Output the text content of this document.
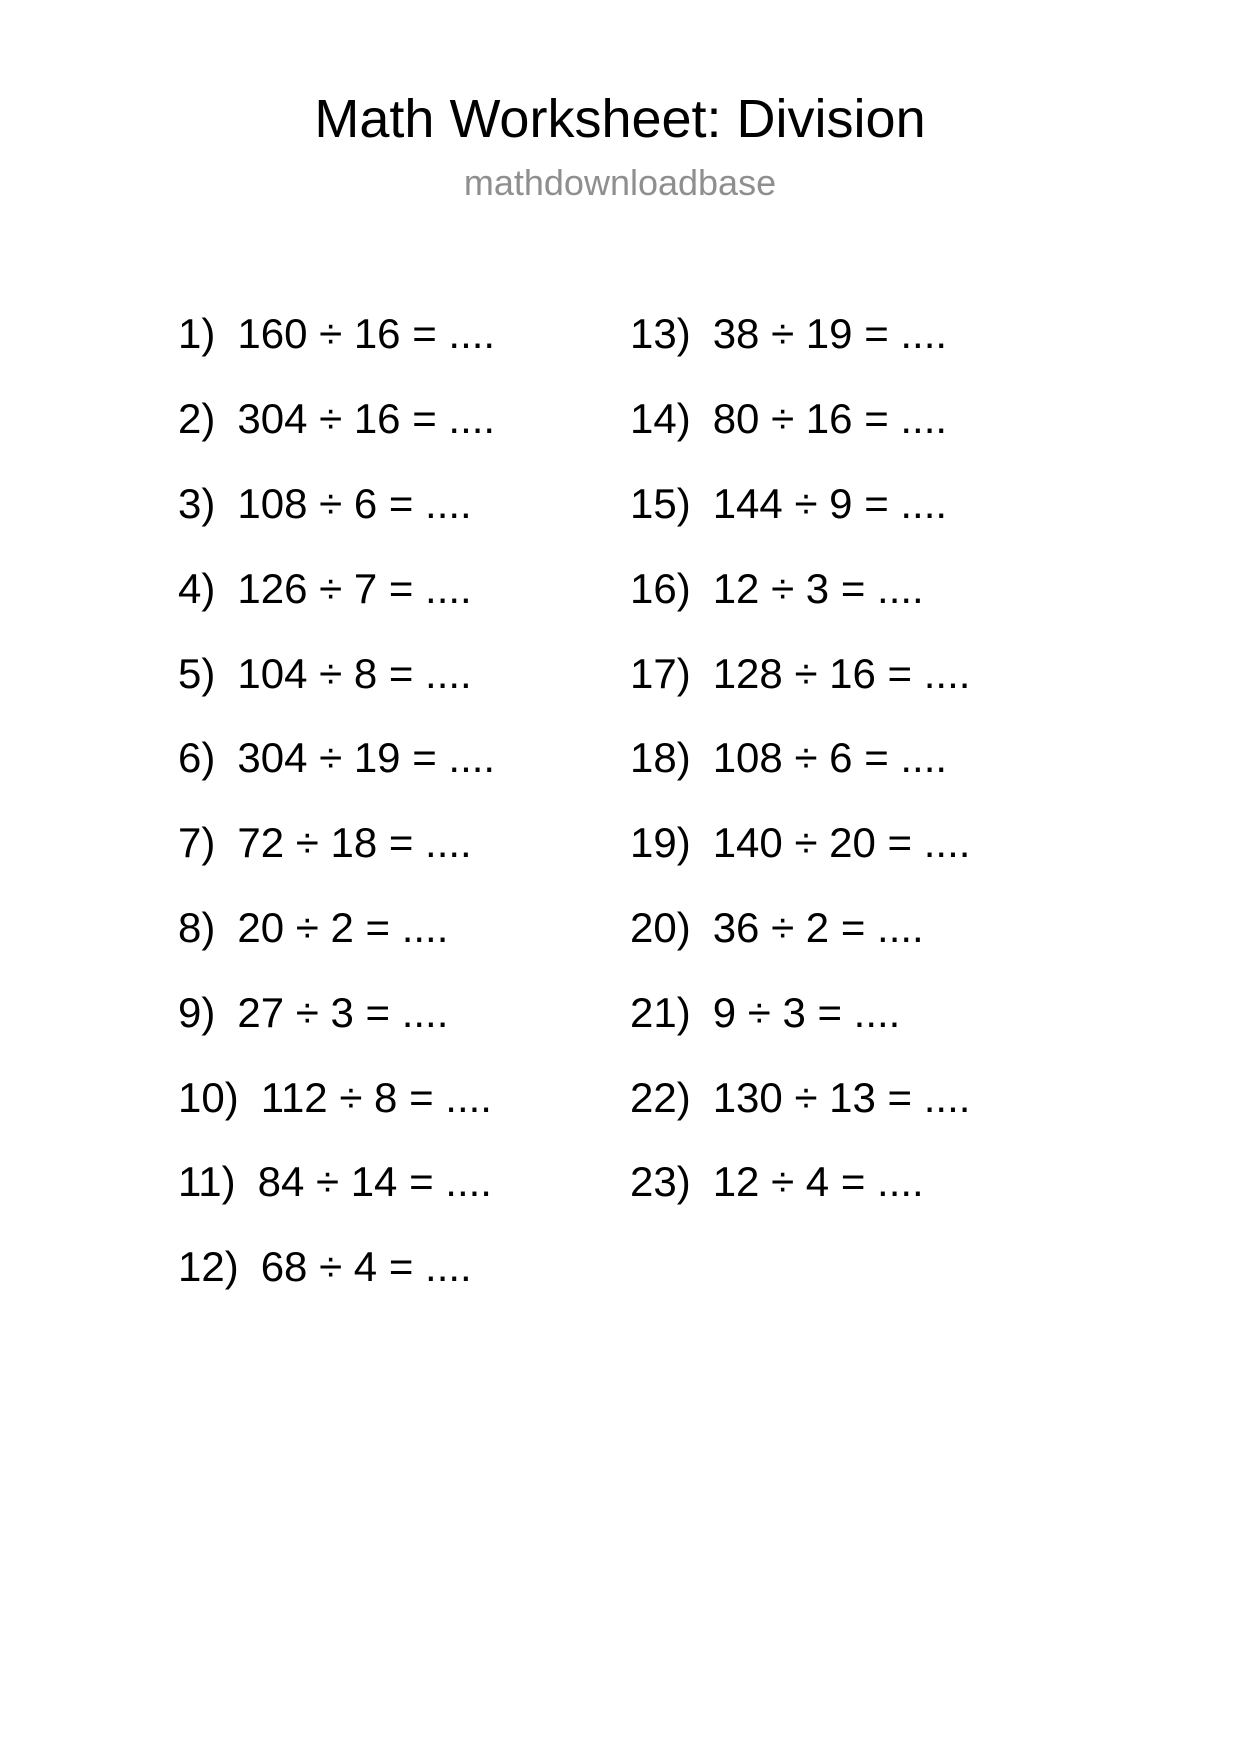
Math Worksheet: Division
mathdownloadbase
1) 160 ÷ 16 = ....
2) 304 ÷ 16 = ....
3) 108 ÷ 6 = ....
4) 126 ÷ 7 = ....
5) 104 ÷ 8 = ....
6) 304 ÷ 19 = ....
7) 72 ÷ 18 = ....
8) 20 ÷ 2 = ....
9) 27 ÷ 3 = ....
10) 112 ÷ 8 = ....
11) 84 ÷ 14 = ....
12) 68 ÷ 4 = ....
13) 38 ÷ 19 = ....
14) 80 ÷ 16 = ....
15) 144 ÷ 9 = ....
16) 12 ÷ 3 = ....
17) 128 ÷ 16 = ....
18) 108 ÷ 6 = ....
19) 140 ÷ 20 = ....
20) 36 ÷ 2 = ....
21) 9 ÷ 3 = ....
22) 130 ÷ 13 = ....
23) 12 ÷ 4 = ....
